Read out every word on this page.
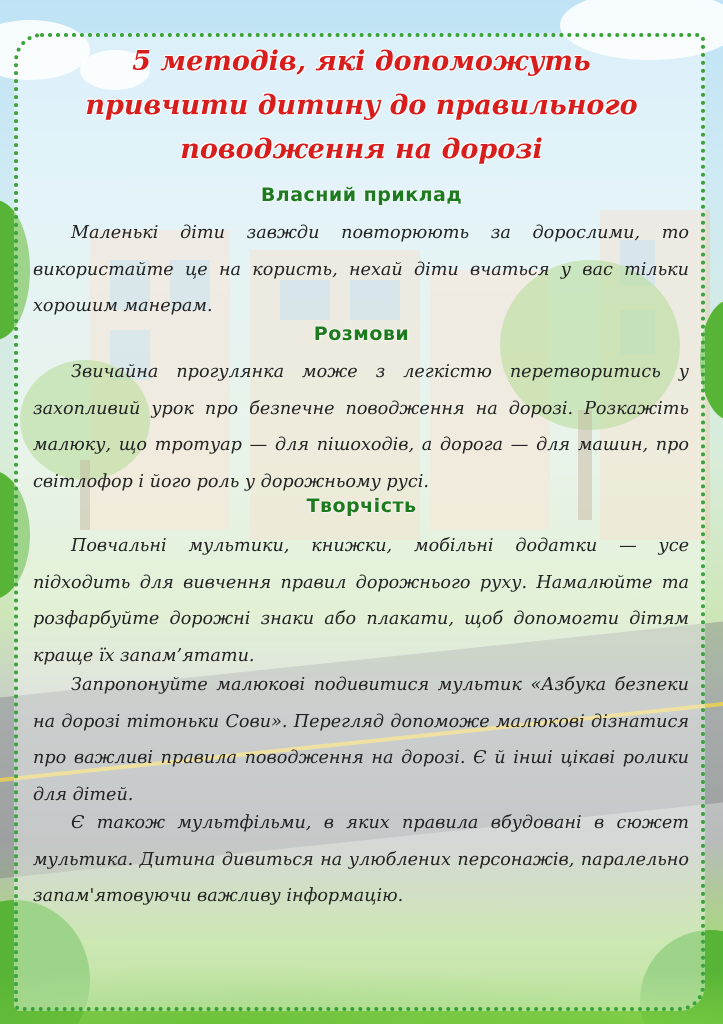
5 методів, які допоможуть
привчити дитину до правильного
поводження на дорозі
Власний приклад
Маленькі діти завжди повторюють за дорослими, то використайте це на користь, нехай діти вчаться у вас тільки хорошим манерам.
Розмови
Звичайна прогулянка може з легкістю перетворитись у захопливий урок про безпечне поводження на дорозі. Розкажіть малюку, що тротуар — для пішоходів, а дорога — для машин, про світлофор і його роль у дорожньому русі.
Творчість
Повчальні мультики, книжки, мобільні додатки — усе підходить для вивчення правил дорожнього руху. Намалюйте та розфарбуйте дорожні знаки або плакати, щоб допомогти дітям краще їх запам’ятати.
Запропонуйте малюкові подивитися мультик «Азбука безпеки на дорозі тітоньки Сови». Перегляд допоможе малюкові дізнатися про важливі правила поводження на дорозі. Є й інші цікаві ролики для дітей.
Є також мультфільми, в яких правила вбудовані в сюжет мультика. Дитина дивиться на улюблених персонажів, паралельно запам'ятовуючи важливу інформацію.
